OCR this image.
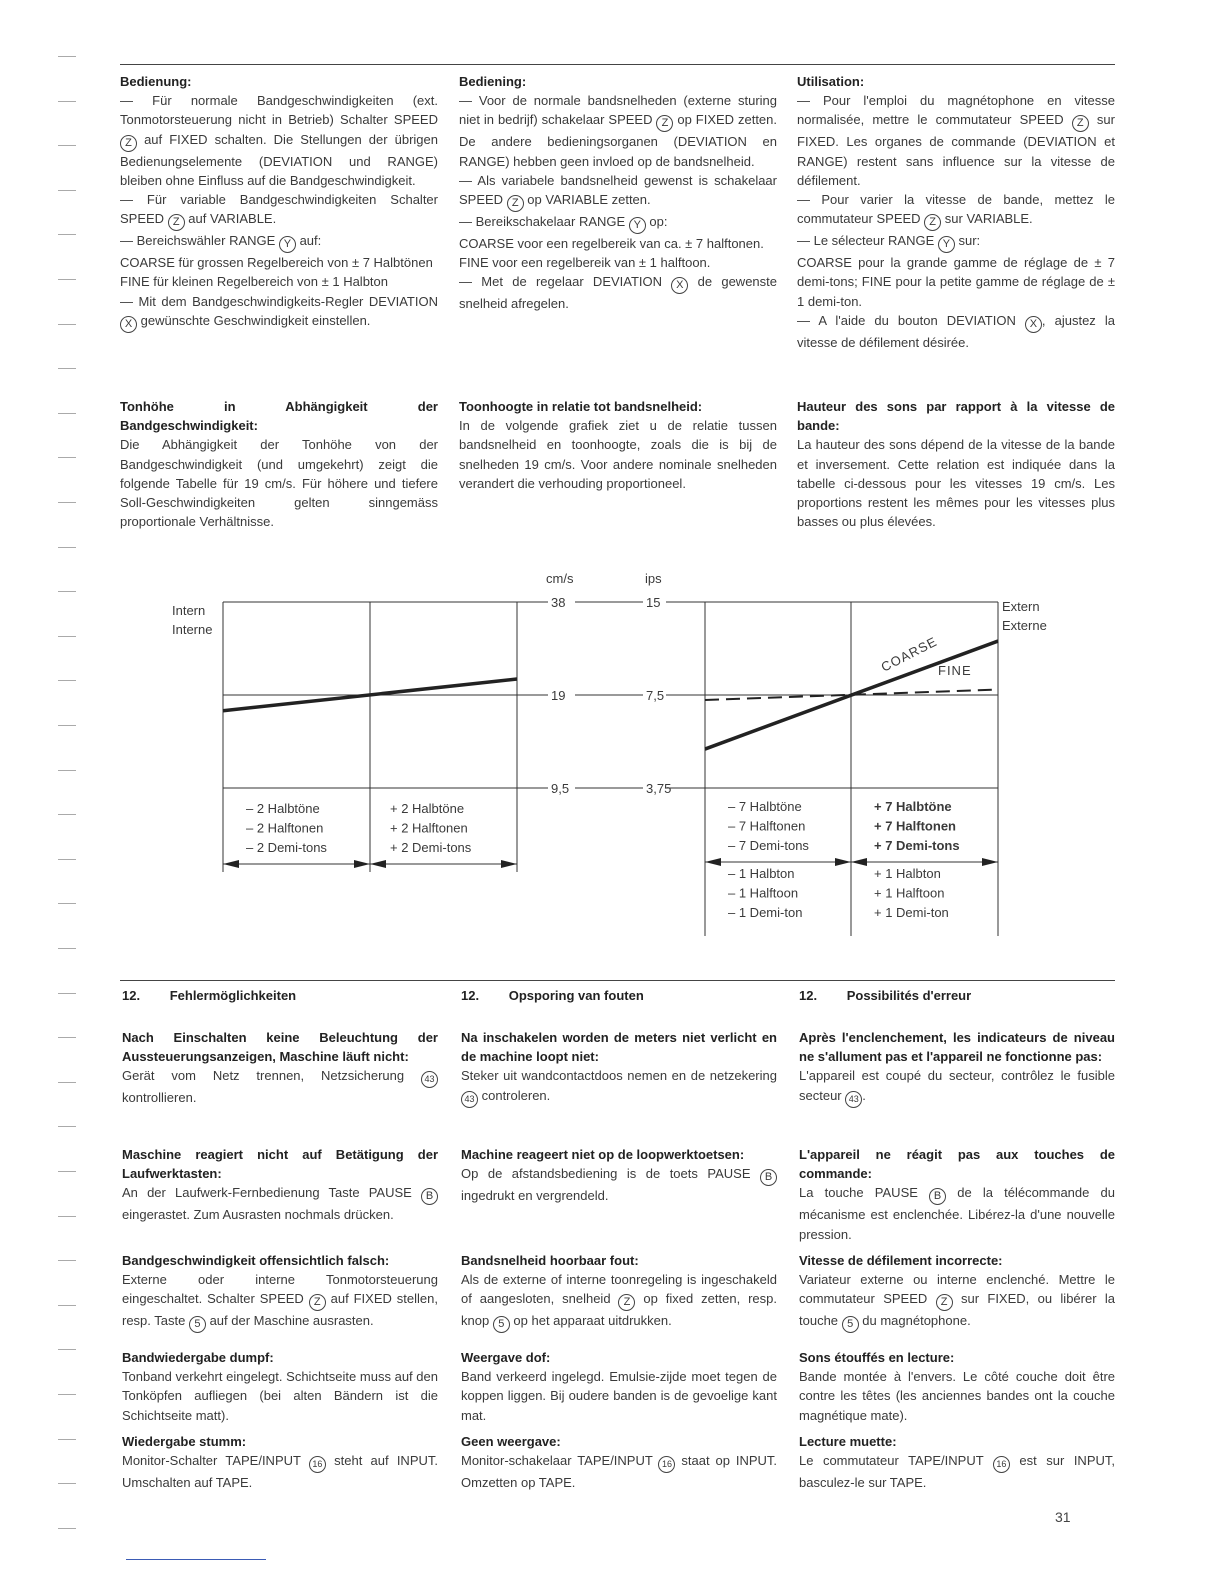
Bedienung:

— Für normale Bandgeschwindigkeiten (ext. Tonmotorsteuerung nicht in Betrieb) Schalter SPEED Z auf FIXED schalten. Die Stellungen der übrigen Bedienungselemente (DEVIATION und RANGE) bleiben ohne Einfluss auf die Bandgeschwindigkeit.

— Für variable Bandgeschwindigkeiten Schalter SPEED Z auf VARIABLE.

— Bereichswähler RANGE Y auf:

COARSE für grossen Regelbereich von ± 7 Halbtönen

FINE für kleinen Regelbereich von ± 1 Halbton

— Mit dem Bandgeschwindigkeits-Regler DEVIATION X gewünschte Geschwindigkeit einstellen.

Bediening:

— Voor de normale bandsnelheden (externe sturing niet in bedrijf) schakelaar SPEED Z op FIXED zetten. De andere bedieningsorganen (DEVIATION en RANGE) hebben geen invloed op de bandsnelheid.

— Als variabele bandsnelheid gewenst is schakelaar SPEED Z op VARIABLE zetten.

— Bereikschakelaar RANGE Y op:

COARSE voor een regelbereik van ca. ± 7 halftonen.

FINE voor een regelbereik van ± 1 halftoon.

— Met de regelaar DEVIATION X de gewenste snelheid afregelen.

Utilisation:

— Pour l'emploi du magnétophone en vitesse normalisée, mettre le commutateur SPEED Z sur FIXED. Les organes de commande (DEVIATION et RANGE) restent sans influence sur la vitesse de défilement.

— Pour varier la vitesse de bande, mettez le commutateur SPEED Z sur VARIABLE.

— Le sélecteur RANGE Y sur:

COARSE pour la grande gamme de réglage de ± 7 demi-tons; FINE pour la petite gamme de réglage de ± 1 demi-ton.

— A l'aide du bouton DEVIATION X , ajustez la vitesse de défilement désirée.

Tonhöhe in Abhängigkeit der Bandgeschwindigkeit:

Die Abhängigkeit der Tonhöhe von der Bandgeschwindigkeit (und umgekehrt) zeigt die folgende Tabelle für 19 cm/s. Für höhere und tiefere Soll-Geschwindigkeiten gelten sinngemäss proportionale Verhältnisse.

Toonhoogte in relatie tot bandsnelheid:

In de volgende grafiek ziet u de relatie tussen bandsnelheid en toonhoogte, zoals die is bij de snelheden 19 cm/s. Voor andere nominale snelheden verandert die verhouding proportioneel.

Hauteur des sons par rapport à la vitesse de bande:

La hauteur des sons dépend de la vitesse de la bande et inversement. Cette relation est indiquée dans la tabelle ci-dessous pour les vitesses 19 cm/s. Les proportions restent les mêmes pour les vitesses plus basses ou plus élevées.

cm/s	ips
38	15
19	7,5
9,5	3,75
Intern
Interne
Extern
Externe
COARSE
FINE
– 2 Halbtöne
– 2 Halftonen
– 2 Demi-tons
+ 2 Halbtöne
+ 2 Halftonen
+ 2 Demi-tons
– 7 Halbtöne
– 7 Halftonen
– 7 Demi-tons
+ 7 Halbtöne
+ 7 Halftonen
+ 7 Demi-tons
– 1 Halbton
– 1 Halftoon
– 1 Demi-ton
+ 1 Halbton
+ 1 Halftoon
+ 1 Demi-ton
12. Fehlermöglichkeiten	12. Opsporing van fouten	12. Possibilités d'erreur
Nach Einschalten keine Beleuchtung der Aussteuerungsanzeigen, Maschine läuft nicht:

Gerät vom Netz trennen, Netzsicherung 43 kontrollieren.

Maschine reagiert nicht auf Betätigung der Laufwerktasten:

An der Laufwerk-Fernbedienung Taste PAUSE B eingerastet. Zum Ausrasten nochmals drücken.

Bandgeschwindigkeit offensichtlich falsch:

Externe oder interne Tonmotorsteuerung eingeschaltet. Schalter SPEED Z auf FIXED stellen, resp. Taste 5 auf der Maschine ausrasten.

Bandwiedergabe dumpf:

Tonband verkehrt eingelegt. Schichtseite muss auf den Tonköpfen aufliegen (bei alten Bändern ist die Schichtseite matt).

Wiedergabe stumm:

Monitor-Schalter TAPE/INPUT 16 steht auf INPUT. Umschalten auf TAPE.

Na inschakelen worden de meters niet verlicht en de machine loopt niet:

Steker uit wandcontactdoos nemen en de netzekering 43 controleren.

Machine reageert niet op de loopwerktoetsen:

Op de afstandsbediening is de toets PAUSE B ingedrukt en vergrendeld.

Bandsnelheid hoorbaar fout:

Als de externe of interne toonregeling is ingeschakeld of aangesloten, snelheid Z op fixed zetten, resp. knop 5 op het apparaat uitdrukken.

Weergave dof:

Band verkeerd ingelegd. Emulsie-zijde moet tegen de koppen liggen. Bij oudere banden is de gevoelige kant mat.

Geen weergave:

Monitor-schakelaar TAPE/INPUT 16 staat op INPUT. Omzetten op TAPE.

Après l'enclenchement, les indicateurs de niveau ne s'allument pas et l'appareil ne fonctionne pas:

L'appareil est coupé du secteur, contrôlez le fusible secteur 43 .

L'appareil ne réagit pas aux touches de commande:

La touche PAUSE B de la télécommande du mécanisme est enclenchée. Libérez-la d'une nouvelle pression.

Vitesse de défilement incorrecte:

Variateur externe ou interne enclenché. Mettre le commutateur SPEED Z sur FIXED, ou libérer la touche 5 du magnétophone.

Sons étouffés en lecture:

Bande montée à l'envers. Le côté couche doit être contre les têtes (les anciennes bandes ont la couche magnétique mate).

Lecture muette:

Le commutateur TAPE/INPUT 16 est sur INPUT, basculez-le sur TAPE.

31
